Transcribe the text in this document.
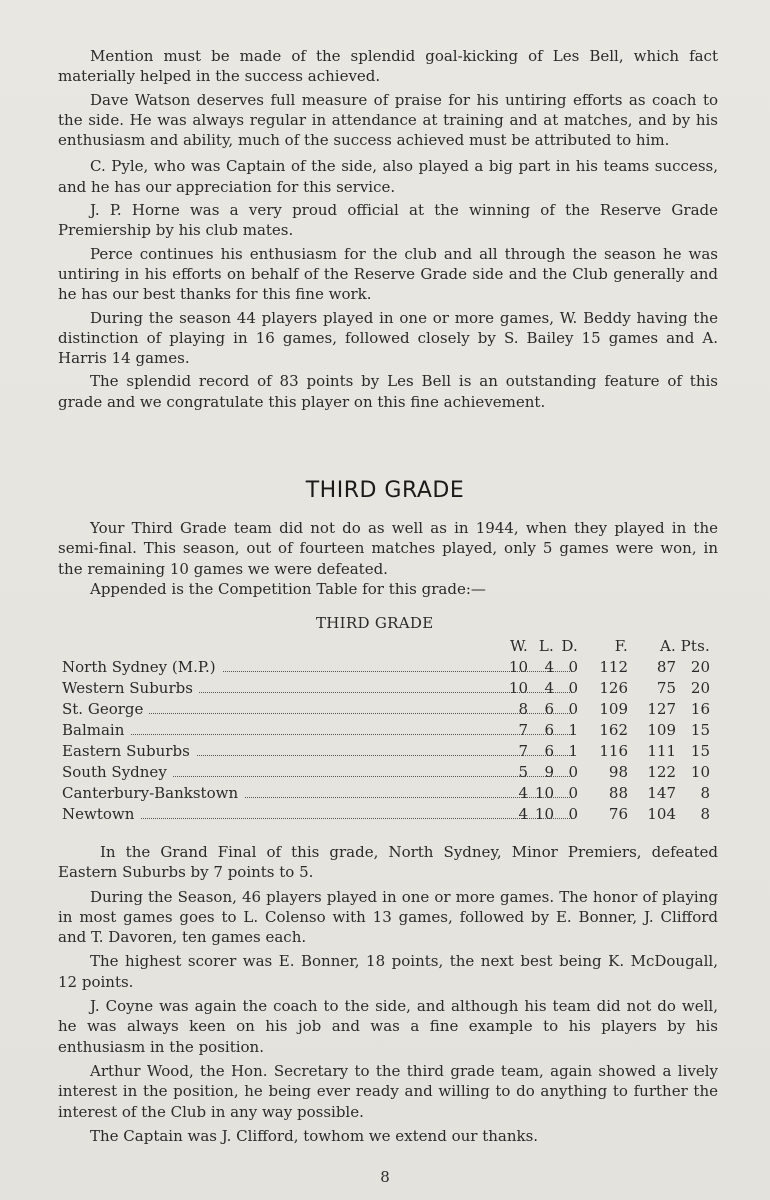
Mention must be made of the splendid goal-kicking of Les Bell, which fact materially helped in the success achieved.

Dave Watson deserves full measure of praise for his untiring efforts as coach to the side. He was always regular in attendance at training and at matches, and by his enthusiasm and ability, much of the success achieved must be attributed to him.

C. Pyle, who was Captain of the side, also played a big part in his teams success, and he has our appreciation for this service.

J. P. Horne was a very proud official at the winning of the Reserve Grade Premiership by his club mates.

Perce continues his enthusiasm for the club and all through the season he was untiring in his efforts on behalf of the Reserve Grade side and the Club generally and he has our best thanks for this fine work.

During the season 44 players played in one or more games, W. Beddy having the distinction of playing in 16 games, followed closely by S. Bailey 15 games and A. Harris 14 games.

The splendid record of 83 points by Les Bell is an outstanding feature of this grade and we congratulate this player on this fine achievement.

THIRD GRADE

Your Third Grade team did not do as well as in 1944, when they played in the semi-final. This season, out of fourteen matches played, only 5 games were won, in the remaining 10 games we were defeated.

Appended is the Competition Table for this grade:—

THIRD GRADE
W. L. D.	F.	A. Pts.
North Sydney (M.P.)	10	4 0	112	87 20
Western Suburbs	10	4 0	126	75 20
St. George	8	6 0	109	127 16
Balmain	7	6 1	162	109 15
Eastern Suburbs	7	6 1	116	111 15
South Sydney	5	9 0	98	122 10
Canterbury-Bankstown	4 10 0	88	147	8
Newtown	4 10 0	76	104	8

In the Grand Final of this grade, North Sydney, Minor Premiers, defeated Eastern Suburbs by 7 points to 5.

During the Season, 46 players played in one or more games. The honor of playing in most games goes to L. Colenso with 13 games, followed by E. Bonner, J. Clifford and T. Davoren, ten games each.

The highest scorer was E. Bonner, 18 points, the next best being K. McDougall, 12 points.

J. Coyne was again the coach to the side, and although his team did not do well, he was always keen on his job and was a fine example to his players by his enthusiasm in the position.

Arthur Wood, the Hon. Secretary to the third grade team, again showed a lively interest in the position, he being ever ready and willing to do anything to further the interest of the Club in any way possible.

The Captain was J. Clifford, towhom we extend our thanks.

8
